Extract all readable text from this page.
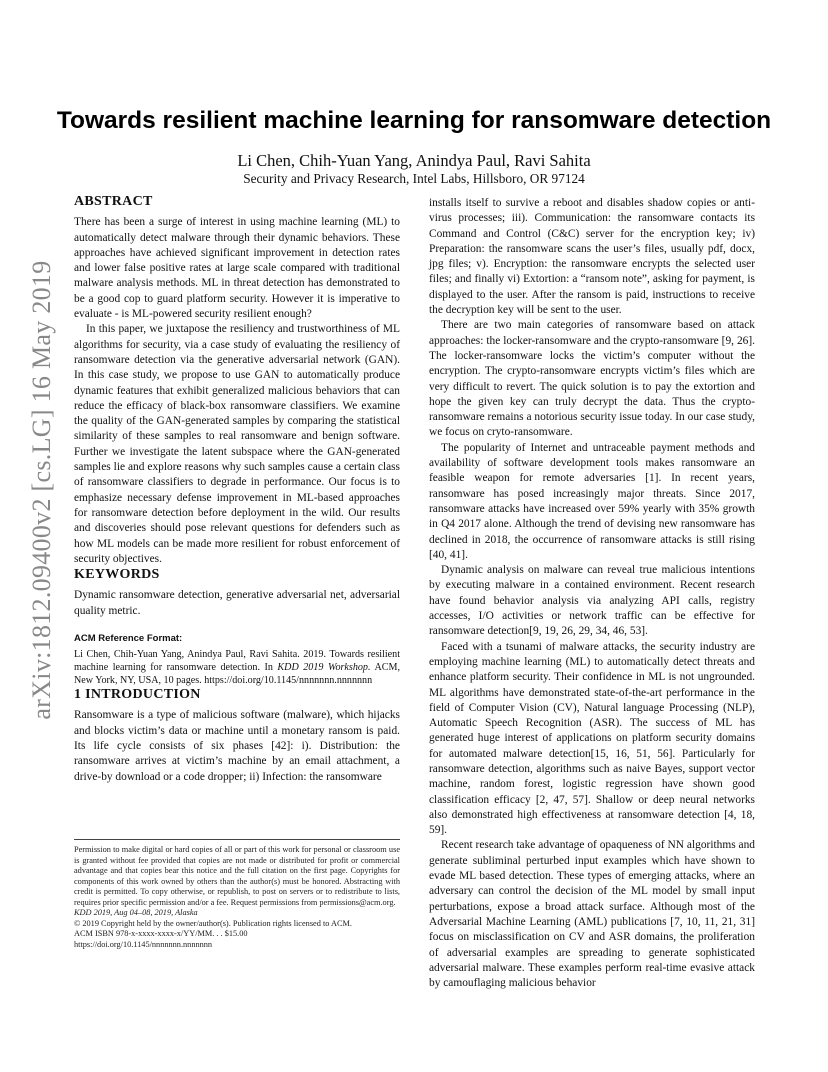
arXiv:1812.09400v2 [cs.LG] 16 May 2019
Towards resilient machine learning for ransomware detection
Li Chen, Chih-Yuan Yang, Anindya Paul, Ravi Sahita
Security and Privacy Research, Intel Labs, Hillsboro, OR 97124
ABSTRACT

There has been a surge of interest in using machine learning (ML) to automatically detect malware through their dynamic behaviors. These approaches have achieved significant improvement in detection rates and lower false positive rates at large scale compared with traditional malware analysis methods. ML in threat detection has demonstrated to be a good cop to guard platform security. However it is imperative to evaluate - is ML-powered security resilient enough?

In this paper, we juxtapose the resiliency and trustworthiness of ML algorithms for security, via a case study of evaluating the resiliency of ransomware detection via the generative adversarial network (GAN). In this case study, we propose to use GAN to automatically produce dynamic features that exhibit generalized malicious behaviors that can reduce the efficacy of black-box ransomware classifiers. We examine the quality of the GAN-generated samples by comparing the statistical similarity of these samples to real ransomware and benign software. Further we investigate the latent subspace where the GAN-generated samples lie and explore reasons why such samples cause a certain class of ransomware classifiers to degrade in performance. Our focus is to emphasize necessary defense improvement in ML-based approaches for ransomware detection before deployment in the wild. Our results and discoveries should pose relevant questions for defenders such as how ML models can be made more resilient for robust enforcement of security objectives.

KEYWORDS

Dynamic ransomware detection, generative adversarial net, adversarial quality metric.

ACM Reference Format:

Li Chen, Chih-Yuan Yang, Anindya Paul, Ravi Sahita. 2019. Towards resilient machine learning for ransomware detection. In KDD 2019 Workshop. ACM, New York, NY, USA, 10 pages. https://doi.org/10.1145/nnnnnnn.nnnnnnn

1 INTRODUCTION

Ransomware is a type of malicious software (malware), which hijacks and blocks victim’s data or machine until a monetary ransom is paid. Its life cycle consists of six phases [42]: i). Distribution: the ransomware arrives at victim’s machine by an email attachment, a drive-by download or a code dropper; ii) Infection: the ransomware

Permission to make digital or hard copies of all or part of this work for personal or classroom use is granted without fee provided that copies are not made or distributed for profit or commercial advantage and that copies bear this notice and the full citation on the first page. Copyrights for components of this work owned by others than the author(s) must be honored. Abstracting with credit is permitted. To copy otherwise, or republish, to post on servers or to redistribute to lists, requires prior specific permission and/or a fee. Request permissions from permissions@acm.org.

KDD 2019, Aug 04–08, 2019, Alaska

© 2019 Copyright held by the owner/author(s). Publication rights licensed to ACM.

ACM ISBN 978-x-xxxx-xxxx-x/YY/MM. . . $15.00

https://doi.org/10.1145/nnnnnnn.nnnnnnn

installs itself to survive a reboot and disables shadow copies or anti-virus processes; iii). Communication: the ransomware contacts its Command and Control (C&C) server for the encryption key; iv) Preparation: the ransomware scans the user’s files, usually pdf, docx, jpg files; v). Encryption: the ransomware encrypts the selected user files; and finally vi) Extortion: a “ransom note”, asking for payment, is displayed to the user. After the ransom is paid, instructions to receive the decryption key will be sent to the user.

There are two main categories of ransomware based on attack approaches: the locker-ransomware and the crypto-ransomware [9, 26]. The locker-ransomware locks the victim’s computer without the encryption. The crypto-ransomware encrypts victim’s files which are very difficult to revert. The quick solution is to pay the extortion and hope the given key can truly decrypt the data. Thus the crypto-ransomware remains a notorious security issue today. In our case study, we focus on cryto-ransomware.

The popularity of Internet and untraceable payment methods and availability of software development tools makes ransomware an feasible weapon for remote adversaries [1]. In recent years, ransomware has posed increasingly major threats. Since 2017, ransomware attacks have increased over 59% yearly with 35% growth in Q4 2017 alone. Although the trend of devising new ransomware has declined in 2018, the occurrence of ransomware attacks is still rising [40, 41].

Dynamic analysis on malware can reveal true malicious intentions by executing malware in a contained environment. Recent research have found behavior analysis via analyzing API calls, registry accesses, I/O activities or network traffic can be effective for ransomware detection[9, 19, 26, 29, 34, 46, 53].

Faced with a tsunami of malware attacks, the security industry are employing machine learning (ML) to automatically detect threats and enhance platform security. Their confidence in ML is not ungrounded. ML algorithms have demonstrated state-of-the-art performance in the field of Computer Vision (CV), Natural language Processing (NLP), Automatic Speech Recognition (ASR). The success of ML has generated huge interest of applications on platform security domains for automated malware detection[15, 16, 51, 56]. Particularly for ransomware detection, algorithms such as naive Bayes, support vector machine, random forest, logistic regression have shown good classification efficacy [2, 47, 57]. Shallow or deep neural networks also demonstrated high effectiveness at ransomware detection [4, 18, 59].

Recent research take advantage of opaqueness of NN algorithms and generate subliminal perturbed input examples which have shown to evade ML based detection. These types of emerging attacks, where an adversary can control the decision of the ML model by small input perturbations, expose a broad attack surface. Although most of the Adversarial Machine Learning (AML) publications [7, 10, 11, 21, 31] focus on misclassification on CV and ASR domains, the proliferation of adversarial examples are spreading to generate sophisticated adversarial malware. These examples perform real-time evasive attack by camouflaging malicious behavior
